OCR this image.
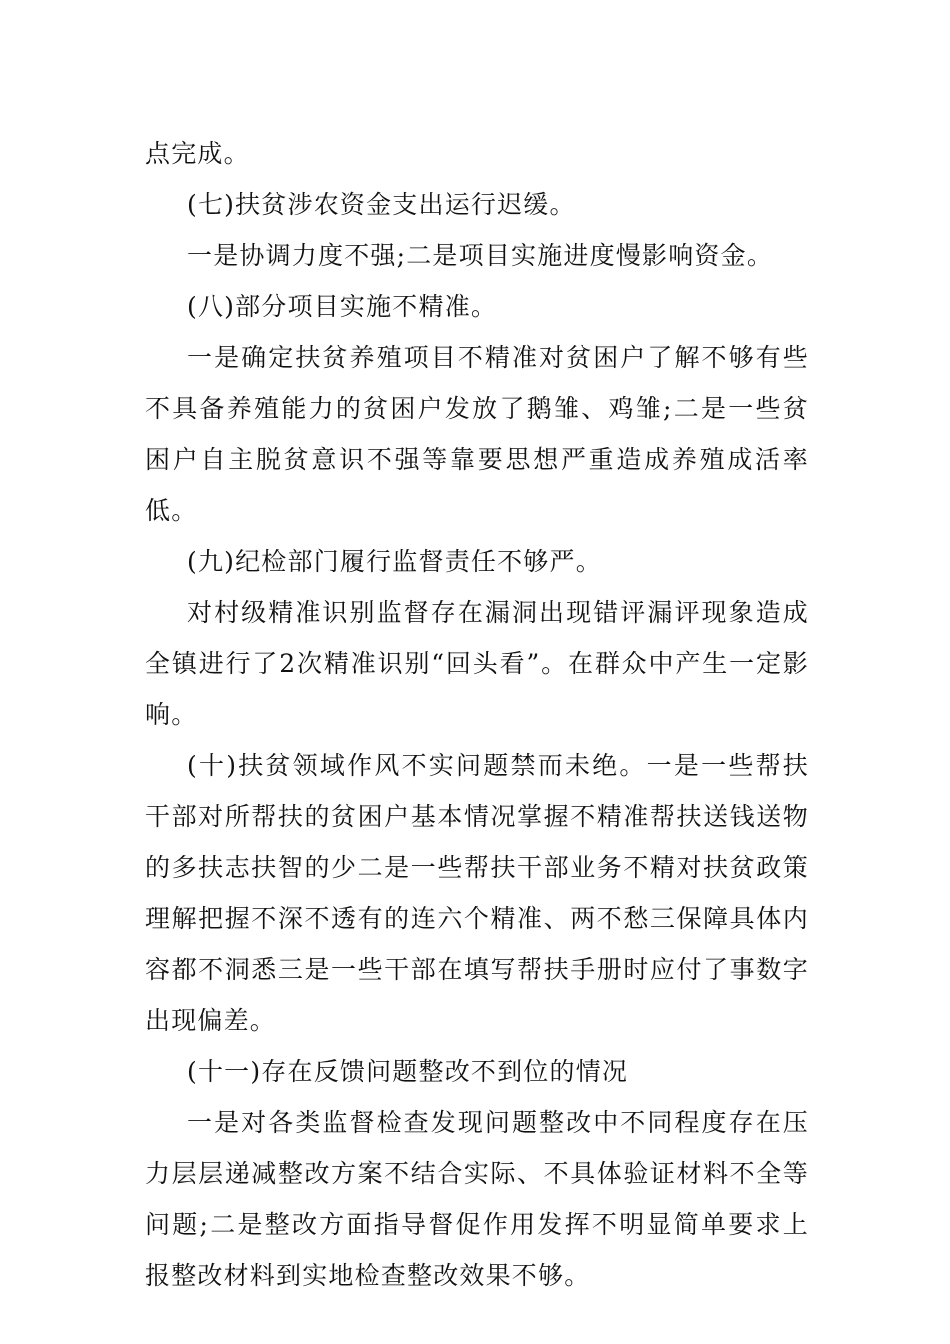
点完成。

(七)扶贫涉农资金支出运行迟缓。

一是协调力度不强;二是项目实施进度慢影响资金。

(八)部分项目实施不精准。

一是确定扶贫养殖项目不精准对贫困户了解不够有些不具备养殖能力的贫困户发放了鹅雏、鸡雏;二是一些贫困户自主脱贫意识不强等靠要思想严重造成养殖成活率低。

(九)纪检部门履行监督责任不够严。

对村级精准识别监督存在漏洞出现错评漏评现象造成全镇进行了2次精准识别“回头看”。在群众中产生一定影响。

(十)扶贫领域作风不实问题禁而未绝。一是一些帮扶干部对所帮扶的贫困户基本情况掌握不精准帮扶送钱送物的多扶志扶智的少二是一些帮扶干部业务不精对扶贫政策理解把握不深不透有的连六个精准、两不愁三保障具体内容都不洞悉三是一些干部在填写帮扶手册时应付了事数字出现偏差。

(十一)存在反馈问题整改不到位的情况

一是对各类监督检查发现问题整改中不同程度存在压力层层递减整改方案不结合实际、不具体验证材料不全等问题;二是整改方面指导督促作用发挥不明显简单要求上报整改材料到实地检查整改效果不够。
